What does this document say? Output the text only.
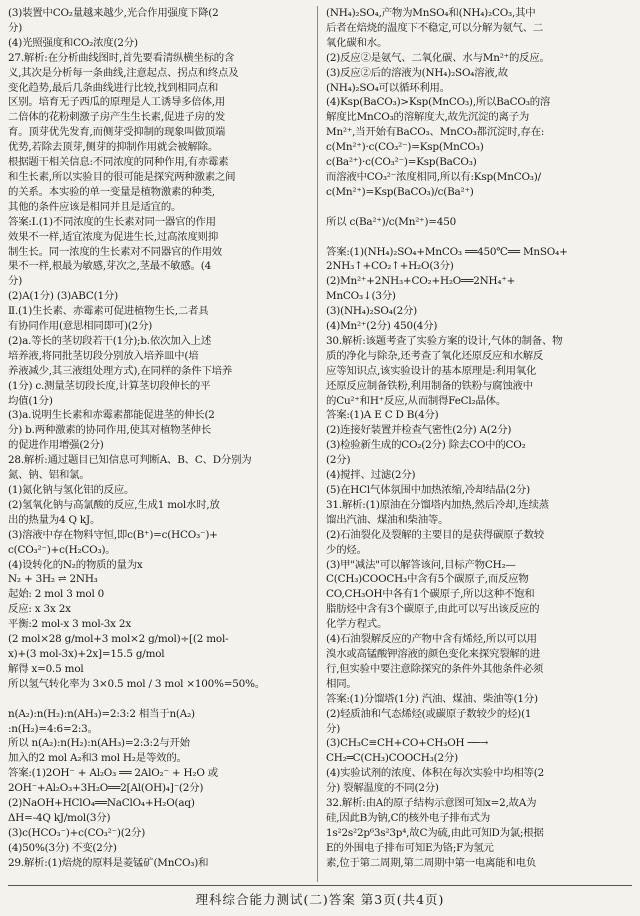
(3)装置中CO₂量越来越少,光合作用强度下降(2
分)
(4)光照强度和CO₂浓度(2分)
27.解析:在分析曲线图时,首先要看清纵横坐标的含
义,其次是分析每一条曲线,注意起点、拐点和终点及
变化趋势,最后几条曲线进行比较,找到相同点和
区别。培育无子西瓜的原理是人工诱导多倍体,用
二倍体的花粉刺激子房产生生长素,促进子房的发
育。顶芽优先发育,而侧芽受抑制的现象叫做顶端
优势,若除去顶芽,侧芽的抑制作用就会被解除。
根据题干相关信息:不同浓度的同种作用,有赤霉素
和生长素,所以实验目的很可能是探究两种激素之间
的关系。本实验的单一变量是植物激素的种类,
其他的条件应该是相同并且是适宜的。
答案:Ⅰ.(1)不同浓度的生长素对同一器官的作用
效果不一样,适宜浓度为促进生长,过高浓度则抑
制生长。同一浓度的生长素对不同器官的作用效
果不一样,根最为敏感,芽次之,茎最不敏感。(4
分)
(2)A(1分) (3)ABC(1分)
Ⅱ.(1)生长素、赤霉素可促进植物生长,二者具
有协同作用(意思相同即可)(2分)
(2)a.等长的茎切段若干(1分);b.依次加入上述
培养液,将同批茎切段分别放入培养皿中(培
养液减少,其三液组处理方式),在同样的条件下培养
(1分) c.测量茎切段长度,计算茎切段伸长的平
均值(1分)
(3)a.说明生长素和赤霉素都能促进茎的伸长(2
分) b.两种激素的协同作用,使其对植物茎伸长
的促进作用增强(2分)
28.解析:通过题目已知信息可判断A、B、C、D分别为
氮、钠、铝和氯。
(1)氮化钠与氢化铝的反应。
(2)氢氧化钠与高氯酸的反应,生成1 mol水时,放
出的热量为4 Q kJ。
(3)溶液中存在物料守恒,即c(B⁺)=c(HCO₃⁻)+
c(CO₃²⁻)+c(H₂CO₃)。
(4)设转化的N₂的物质的量为x
N₂ + 3H₂ ⇌ 2NH₃
起始: 2 mol 3 mol 0
反应: x 3x 2x
平衡:2 mol-x 3 mol-3x 2x
(2 mol×28 g/mol+3 mol×2 g/mol)÷[(2 mol-
x)+(3 mol-3x)+2x]=15.5 g/mol
解得 x=0.5 mol
所以氢气转化率为 3×0.5 mol / 3 mol ×100%=50%。

n(A₂):n(H₂):n(AH₃)=2:3:2 相当于n(A₂)
:n(H₂)=4:6=2:3。
所以 n(A₂):n(H₂):n(AH₃)=2:3:2与开始
加入的2 mol A₂和3 mol H₂是等效的。
答案:(1)2OH⁻ + Al₂O₃ ══ 2AlO₂⁻ + H₂O 或
2OH⁻+Al₂O₃+3H₂O══2[Al(OH)₄]⁻(2分)
(2)NaOH+HClO₄══NaClO₄+H₂O(aq)
ΔH=-4Q kJ/mol(3分)
(3)c(HCO₃⁻)+c(CO₃²⁻)(2分)
(4)50%(3分) 不变(2分)
29.解析:(1)焙烧的原料是菱锰矿(MnCO₃)和
(NH₄)₂SO₄,产物为MnSO₄和(NH₄)₂CO₃,其中
后者在焙烧的温度下不稳定,可以分解为氨气、二
氧化碳和水。
(2)反应②是氨气、二氧化碳、水与Mn²⁺的反应。
(3)反应②后的溶液为(NH₄)₂SO₄溶液,故
(NH₄)₂SO₄可以循环利用。
(4)Ksp(BaCO₃)>Ksp(MnCO₃),所以BaCO₃的溶
解度比MnCO₃的溶解度大,故先沉淀的离子为
Mn²⁺,当开始有BaCO₃、MnCO₃都沉淀时,存在:
c(Mn²⁺)·c(CO₃²⁻)=Ksp(MnCO₃)
c(Ba²⁺)·c(CO₃²⁻)=Ksp(BaCO₃)
而溶液中CO₃²⁻浓度相同,所以有:Ksp(MnCO₃)/
c(Mn²⁺)=Ksp(BaCO₃)/c(Ba²⁺)

所以 c(Ba²⁺)/c(Mn²⁺)=450

答案:(1)(NH₄)₂SO₄+MnCO₃ ══450℃══ MnSO₄+
2NH₃↑+CO₂↑+H₂O(3分)
(2)Mn²⁺+2NH₃+CO₂+H₂O══2NH₄⁺+
MnCO₃↓(3分)
(3)(NH₄)₂SO₄(2分)
(4)Mn²⁺(2分) 450(4分)
30.解析:该题考查了实验方案的设计,气体的制备、物
质的净化与除杂,还考查了氧化还原反应和水解反
应等知识点,该实验设计的基本原理是:利用氧化
还原反应制备铁粉,利用制备的铁粉与腐蚀液中
的Cu²⁺和H⁺反应,从而制得FeCl₂晶体。
答案:(1)A E C D B(4分)
(2)连接好装置并检查气密性(2分) A(2分)
(3)检验新生成的CO₂(2分) 除去CO中的CO₂
(2分)
(4)搅拌、过滤(2分)
(5)在HCl气体氛围中加热浓缩,冷却结晶(2分)
31.解析:(1)原油在分馏塔内加热,然后冷却,连续蒸
馏出汽油、煤油和柴油等。
(2)石油裂化及裂解的主要目的是获得碳原子数较
少的烃。
(3)甲"减法"可以解答该问,目标产物CH₂—
C(CH₃)COOCH₃中含有5个碳原子,而反应物
CO,CH₃OH中各有1个碳原子,所以这种不饱和
脂肪烃中含有3个碳原子,由此可以写出该反应的
化学方程式。
(4)石油裂解反应的产物中含有烯烃,所以可以用
溴水或高锰酸钾溶液的颜色变化来探究裂解的进
行,但实验中要注意除探究的条件外其他条件必须
相同。
答案:(1)分馏塔(1分) 汽油、煤油、柴油等(1分)
(2)轻质油和气态烯烃(或碳原子数较少的烃)(1
分)
(3)CH₃C≡CH+CO+CH₃OH ──→
CH₂═C(CH₃)COOCH₃(2分)
(4)实验试剂的浓度、体积在每次实验中均相等(2
分) 裂解温度的不同(2分)
32.解析:由A的原子结构示意图可知x=2,故A为
硅,因此B为钠,C的核外电子排布式为
1s²2s²2p⁶3s²3p⁴,故C为硫,由此可知D为氯;根据
E的外围电子排布可知E为铬;F为氢元
素,位于第二周期,第二周期中第一电离能和电负
理科综合能力测试(二)答案 第3页(共4页)
